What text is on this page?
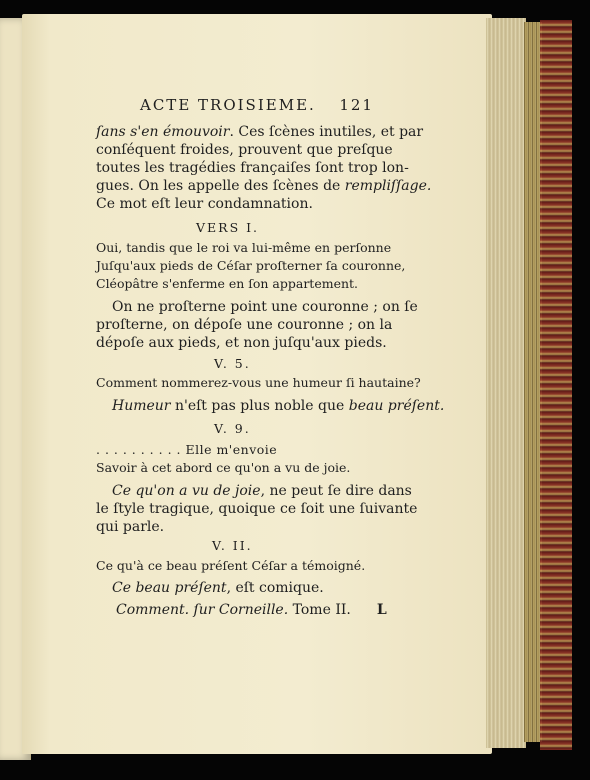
ACTE TROISIEME. 121
ſans s'en émouvoir. Ces ſcènes inutiles, et par
conſéquent froides, prouvent que preſque
toutes les tragédies françaiſes ſont trop lon-
gues. On les appelle des ſcènes de rempliſſage.
Ce mot eſt leur condamnation.
VERS I.
Oui, tandis que le roi va lui-même en perſonne
Juſqu'aux pieds de Céſar proſterner ſa couronne,
Cléopâtre s'enferme en ſon appartement.
On ne proſterne point une couronne ; on ſe
proſterne, on dépoſe une couronne ; on la
dépoſe aux pieds, et non juſqu'aux pieds.
V. 5.
Comment nommerez-vous une humeur ſi hautaine?
Humeur n'eſt pas plus noble que beau préſent.
V. 9.
. . . . . . . . . . Elle m'envoie
Savoir à cet abord ce qu'on a vu de joie.
Ce qu'on a vu de joie, ne peut ſe dire dans
le ſtyle tragique, quoique ce ſoit une ſuivante
qui parle.
V. II.
Ce qu'à ce beau préſent Céſar a témoigné.
Ce beau préſent, eſt comique.
Comment. ſur Corneille. Tome II. L
